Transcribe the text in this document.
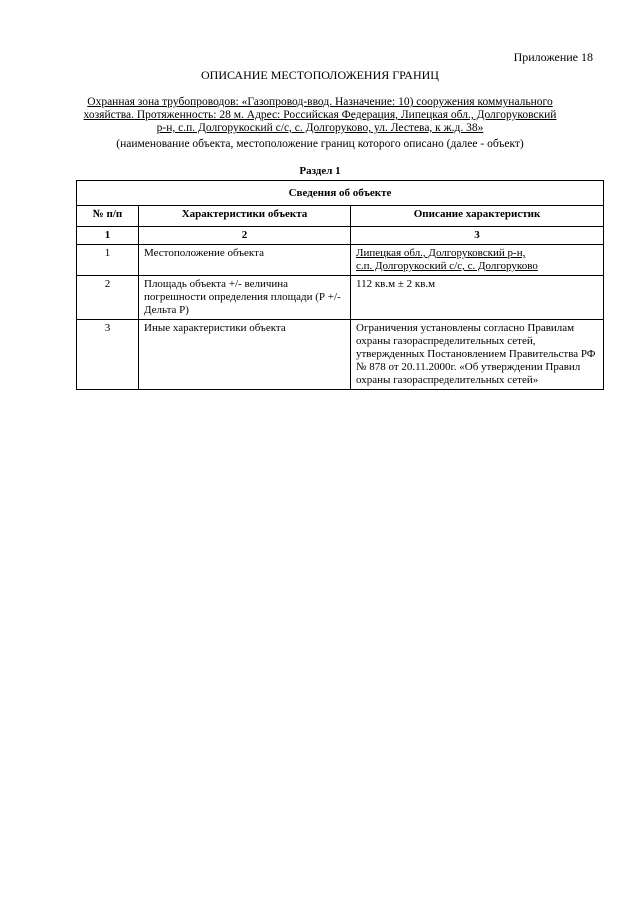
Приложение 18
ОПИСАНИЕ МЕСТОПОЛОЖЕНИЯ ГРАНИЦ
Охранная зона трубопроводов: «Газопровод-ввод. Назначение: 10) сооружения коммунального хозяйства. Протяженность: 28 м. Адрес: Российская Федерация, Липецкая обл., Долгоруковский р-н, с.п. Долгорукоский с/с, с. Долгоруково, ул. Лестева, к ж.д. 38»
(наименование объекта, местоположение границ которого описано (далее - объект)
Раздел 1
Сведения об объекте		
№ п/п	Характеристики объекта	Описание характеристик
1	2	3
1	Местоположение объекта	Липецкая обл., Долгоруковский р-н,
с.п. Долгорукоский с/с, с. Долгоруково
2	Площадь объекта +/- величина погрешности определения площади (Р +/- Дельта Р)	112 кв.м ± 2 кв.м
3	Иные характеристики объекта	Ограничения установлены согласно Правилам охраны газораспределительных сетей, утвержденных Постановлением Правительства РФ № 878 от 20.11.2000г. «Об утверждении Правил охраны газораспределительных сетей»
